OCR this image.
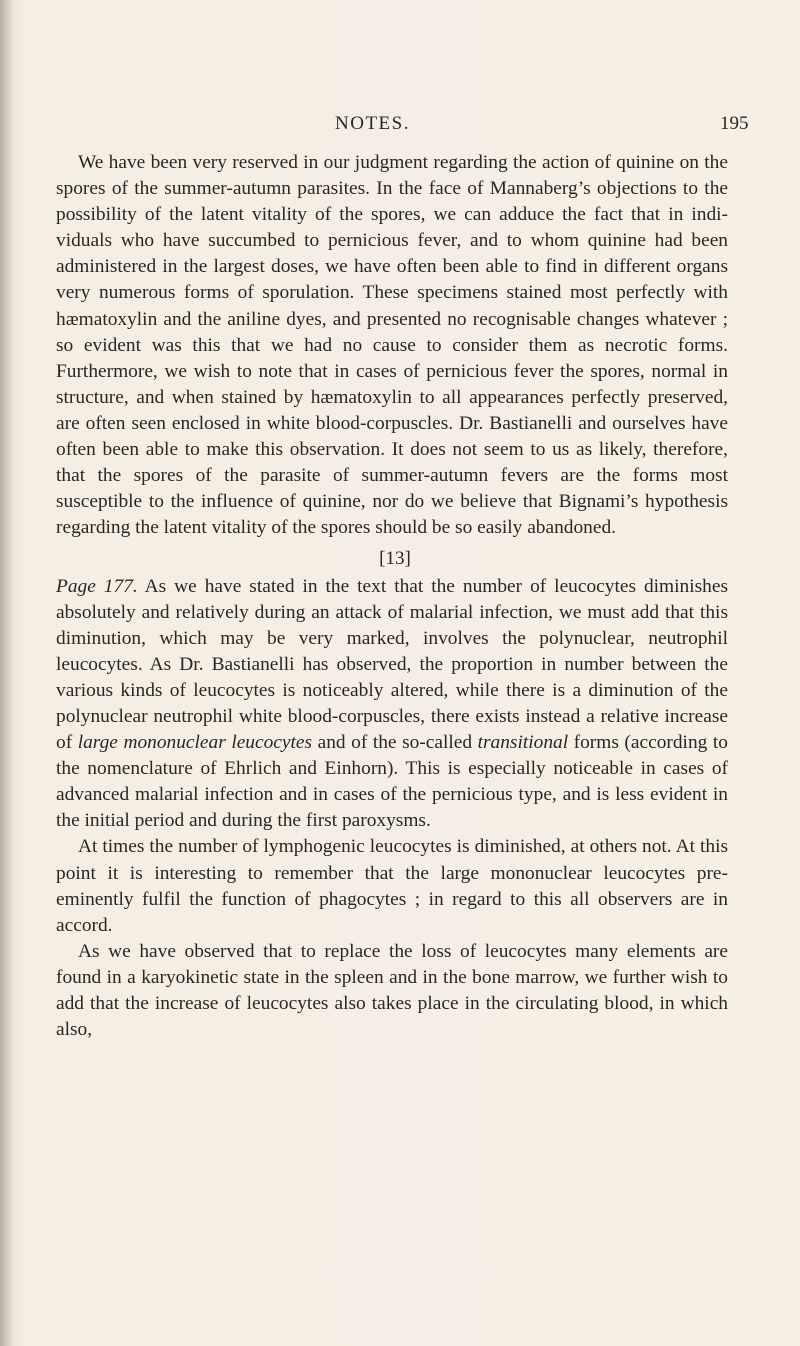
NOTES.	195

We have been very reserved in our judgment regarding the action of quinine on the spores of the summer-autumn parasites. In the face of Mannaberg’s objections to the possibility of the latent vitality of the spores, we can adduce the fact that in individuals who have succumbed to pernicious fever, and to whom quinine had been administered in the largest doses, we have often been able to find in different organs very numerous forms of sporulation. These specimens stained most perfectly with hæmatoxylin and the aniline dyes, and presented no recognisable changes whatever ; so evident was this that we had no cause to consider them as necrotic forms. Furthermore, we wish to note that in cases of pernicious fever the spores, normal in structure, and when stained by hæmatoxylin to all appearances perfectly preserved, are often seen enclosed in white blood-corpuscles. Dr. Bastianelli and ourselves have often been able to make this observation. It does not seem to us as likely, therefore, that the spores of the parasite of summer-autumn fevers are the forms most susceptible to the influence of quinine, nor do we believe that Bignami’s hypothesis regarding the latent vitality of the spores should be so easily abandoned.

[13]

Page 177. As we have stated in the text that the number of leucocytes diminishes absolutely and relatively during an attack of malarial infection, we must add that this diminution, which may be very marked, involves the polynuclear, neutrophil leucocytes. As Dr. Bastianelli has observed, the proportion in number between the various kinds of leucocytes is noticeably altered, while there is a diminution of the polynuclear neutrophil white blood-corpuscles, there exists instead a relative increase of large mononuclear leucocytes and of the so-called transitional forms (according to the nomenclature of Ehrlich and Einhorn). This is especially noticeable in cases of advanced malarial infection and in cases of the pernicious type, and is less evident in the initial period and during the first paroxysms.

At times the number of lymphogenic leucocytes is diminished, at others not. At this point it is interesting to remember that the large mononuclear leucocytes pre-eminently fulfil the function of phagocytes ; in regard to this all observers are in accord.

As we have observed that to replace the loss of leucocytes many elements are found in a karyokinetic state in the spleen and in the bone marrow, we further wish to add that the increase of leucocytes also takes place in the circulating blood, in which also,
